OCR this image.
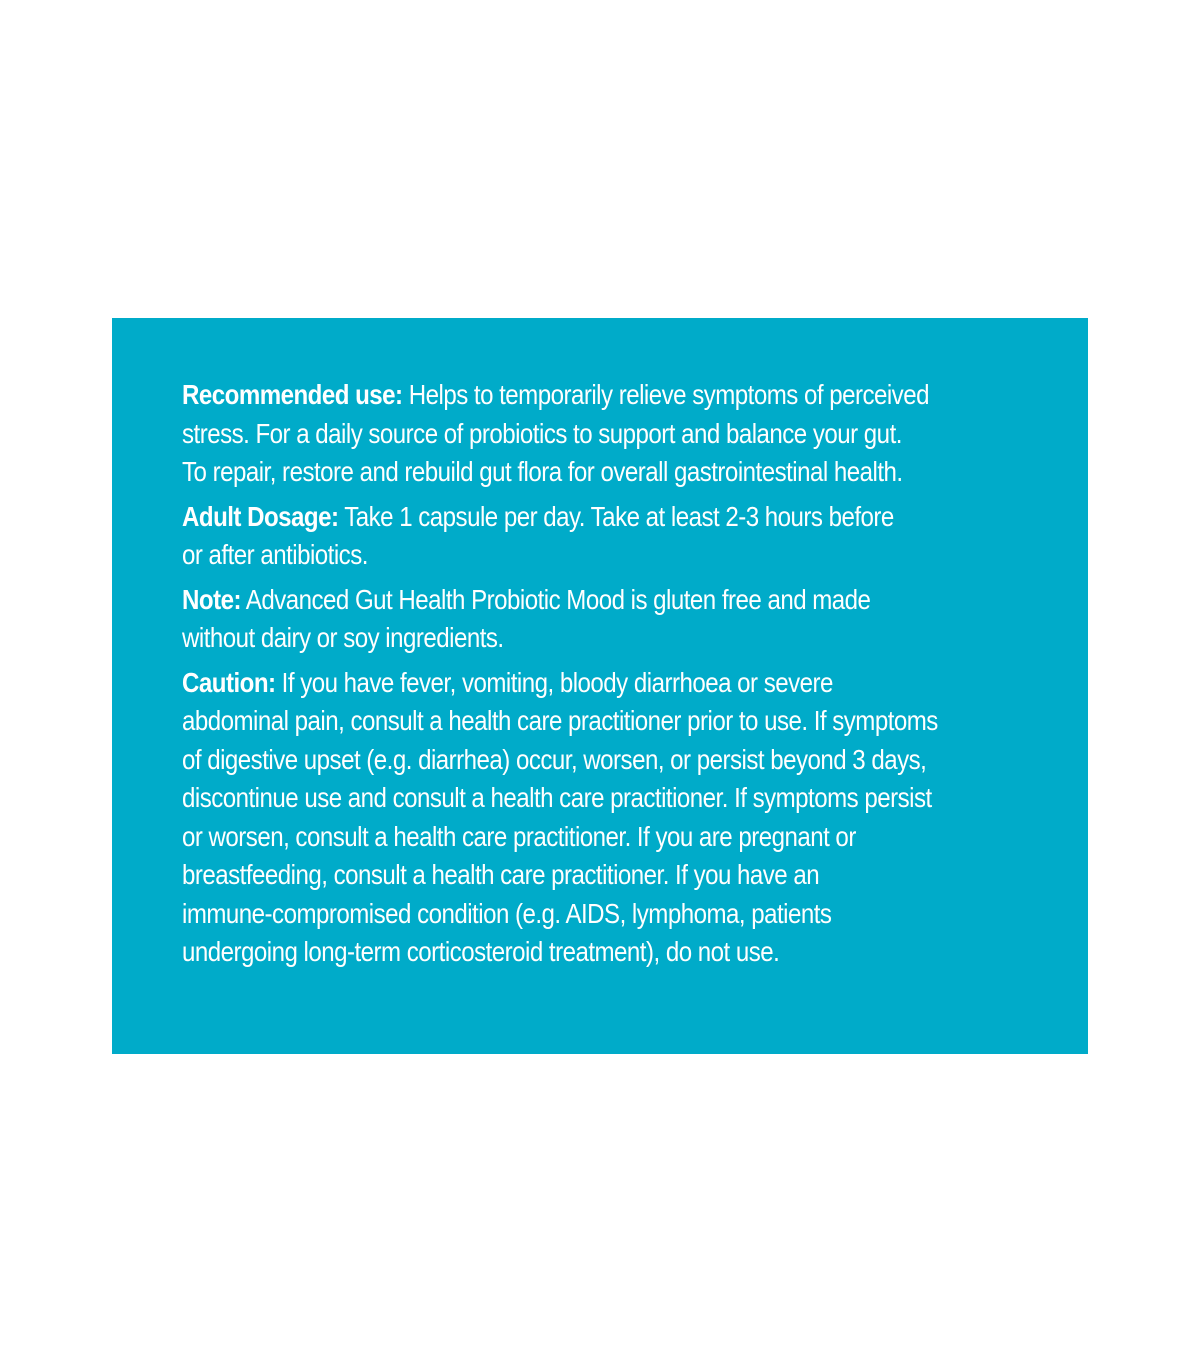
Recommended use: Helps to temporarily relieve symptoms of perceived
stress. For a daily source of probiotics to support and balance your gut.
To repair, restore and rebuild gut flora for overall gastrointestinal health.
Adult Dosage: Take 1 capsule per day. Take at least 2-3 hours before
or after antibiotics.
Note: Advanced Gut Health Probiotic Mood is gluten free and made
without dairy or soy ingredients.
Caution: If you have fever, vomiting, bloody diarrhoea or severe
abdominal pain, consult a health care practitioner prior to use. If symptoms
of digestive upset (e.g. diarrhea) occur, worsen, or persist beyond 3 days,
discontinue use and consult a health care practitioner. If symptoms persist
or worsen, consult a health care practitioner. If you are pregnant or
breastfeeding, consult a health care practitioner. If you have an
immune-compromised condition (e.g. AIDS, lymphoma, patients
undergoing long-term corticosteroid treatment), do not use.
